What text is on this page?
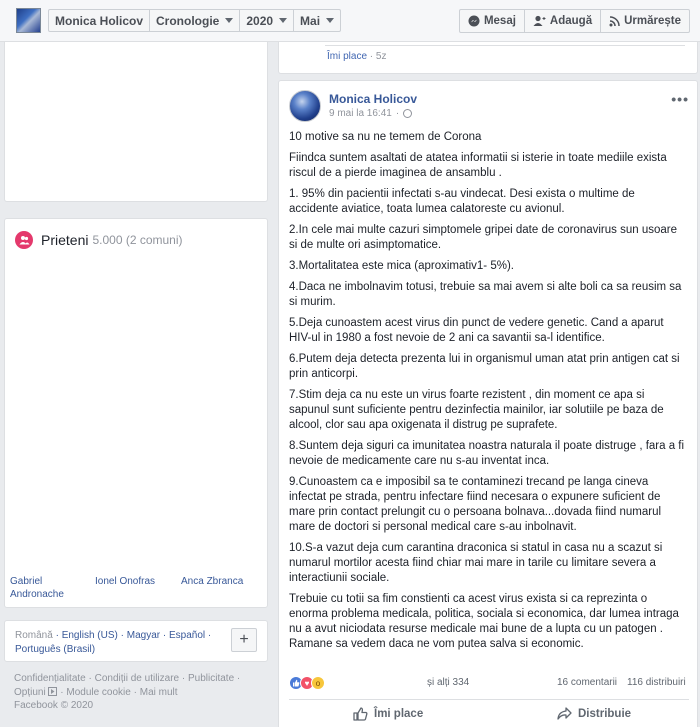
Monica Holicov Cronologie 2020 Mai	Mesaj	Adaugă	Urmărește
Prieteni 5.000 (2 comuni)
Gabriel Andronache
Ionel Onofras	Anca Zbranca
Română · English (US) · Magyar · Español · Português (Brasil)
+
Confidențialitate · Condiții de utilizare · Publicitate · Opțiuni  · Module cookie · Mai mult
Facebook © 2020
Îmi place · 5z
Monica Holicov
9 mai la 16:41 ·
•••

10 motive sa nu ne temem de Corona

Fiindca suntem asaltati de atatea informatii si isterie in toate mediile exista riscul de a pierde imaginea de ansamblu .

1. 95% din pacientii infectati s-au vindecat. Desi exista o multime de accidente aviatice, toata lumea calatoreste cu avionul.

2.In cele mai multe cazuri simptomele gripei date de coronavirus sun usoare si de multe ori asimptomatice.

3.Mortalitatea este mica (aproximativ1- 5%).

4.Daca ne imbolnavim totusi, trebuie sa mai avem si alte boli ca sa reusim sa si murim.

5.Deja cunoastem acest virus din punct de vedere genetic. Cand a aparut HIV-ul in 1980 a fost nevoie de 2 ani ca savantii sa-l identifice.

6.Putem deja detecta prezenta lui in organismul uman atat prin antigen cat si prin anticorpi.

7.Stim deja ca nu este un virus foarte rezistent , din moment ce apa si sapunul sunt suficiente pentru dezinfectia mainilor, iar solutiile pe baza de alcool, clor sau apa oxigenata il distrug pe suprafete.

8.Suntem deja siguri ca imunitatea noastra naturala il poate distruge , fara a fi nevoie de medicamente care nu s-au inventat inca.

9.Cunoastem ca e imposibil sa te contaminezi trecand pe langa cineva infectat pe strada, pentru infectare fiind necesara o expunere suficient de mare prin contact prelungit cu o persoana bolnava...dovada fiind numarul mare de doctori si personal medical care s-au inbolnavit.

10.S-a vazut deja cum carantina draconica si statul in casa nu a scazut si numarul mortilor acesta fiind chiar mai mare in tarile cu limitare severa a interactiunii sociale.

Trebuie cu totii sa fim constienti ca acest virus exista si ca reprezinta o enorma problema medicala, politica, sociala si economica, dar lumea intraga nu a avut niciodata resurse medicale mai bune de a lupta cu un patogen . Ramane sa vedem daca ne vom putea salva si economic.

♥ o	și alți 334	16 comentarii 116 distribuiri
Îmi place	Distribuie
